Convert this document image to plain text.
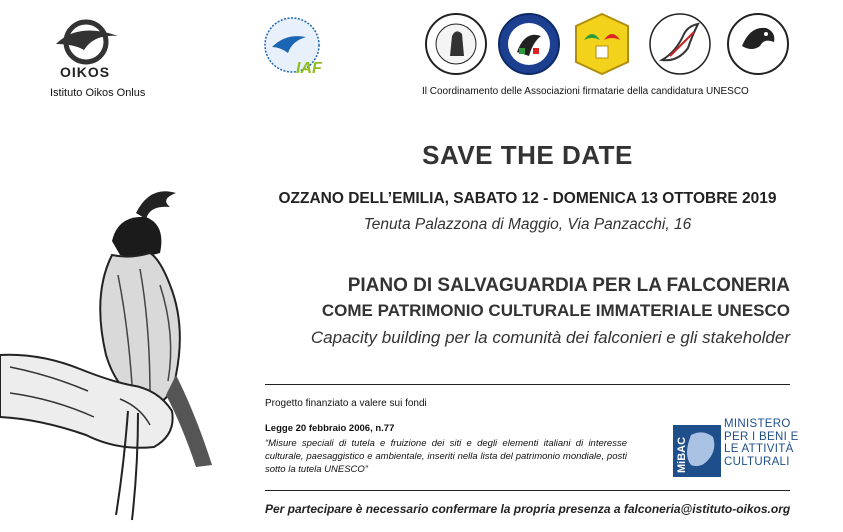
OIKOS
Istituto Oikos Onlus
IAF
Il Coordinamento delle Associazioni firmatarie della candidatura UNESCO
SAVE THE DATE
OZZANO DELL’EMILIA, SABATO 12 - DOMENICA 13 OTTOBRE 2019
Tenuta Palazzona di Maggio, Via Panzacchi, 16
PIANO DI SALVAGUARDIA PER LA FALCONERIA
COME PATRIMONIO CULTURALE IMMATERIALE UNESCO
Capacity building per la comunità dei falconieri e gli stakeholder
Progetto finanziato a valere sui fondi
Legge 20 febbraio 2006, n.77
“Misure speciali di tutela e fruizione dei siti e degli elementi italiani di interesse culturale, paesaggistico e ambientale, inseriti nella lista del patrimonio mondiale, posti sotto la tutela UNESCO”	MiBAC
MINISTERO
PER I BENI E
LE ATTIVITÀ
CULTURALI
Per partecipare è necessario confermare la propria presenza a falconeria@istituto-oikos.org
